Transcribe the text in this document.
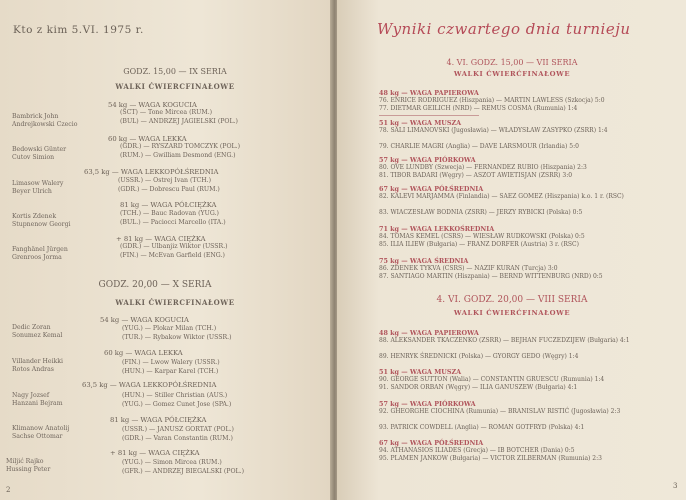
Kto z kim 5.VI. 1975 r.
GODZ. 15,00 — IX SERIA
WALKI ĆWIERCFINAŁOWE
54 kg — WAGA KOGUCIA
Bambrick John
Andrejkowski Czecio
(SCT) — Tone Mircea (RUM.)
(BUL) — ANDRZEJ JAGIELSKI (POL.)
60 kg — WAGA LEKKA
Bedowski Günter
Cutov Simion
(GDR.) — RYSZARD TOMCZYK (POL.)
(RUM.) — Gwilliam Desmond (ENG.)
63,5 kg — WAGA LEKKOPÓŁŚREDNIA
Limasow Walery
Beyer Ulrich
(USSR.) — Ostrej Ivan (TCH.)
(GDR.) — Dobrescu Paul (RUM.)
81 kg — WAGA PÓŁCIĘŻKA
Kortis Zdenek
Stupnenow Georgi
(TCH.) — Bauc Radovan (YUG.)
(BUL.) — Paciocci Marcello (ITA.)
+ 81 kg — WAGA CIĘŻKA
Fanghänel Jürgen
Grenroos Jorma
(GDR.) — Ulbanjiz Wiktor (USSR.)
(FIN.) — McEvan Garfield (ENG.)
GODZ. 20,00 — X SERIA
WALKI ĆWIERCFINAŁOWE
54 kg — WAGA KOGUCIA
Dedic Zoran
Sonumez Kemal
(YUG.) — Plokar Milan (TCH.)
(TUR.) — Rybakow Wiktor (USSR.)
60 kg — WAGA LEKKA
Villander Heikki
Rotos Andras
(FIN.) — Lwow Walery (USSR.)
(HUN.) — Karpar Karel (TCH.)
63,5 kg — WAGA LEKKOPÓŁŚREDNIA
Nagy Jozsef
Hanzani Bejram
(HUN.) — Stiller Christian (AUS.)
(YUG.) — Gomez Cunet Jose (SPA.)
81 kg — WAGA PÓŁCIĘŻKA
Klimanow Anatolij
Sachse Ottomar
(USSR.) — JANUSZ GORTAT (POL.)
(GDR.) — Varan Constantin (RUM.)
+ 81 kg — WAGA CIĘŻKA
Miljić Rajko
Hussing Peter
(YUG.) — Simon Mircea (RUM.)
(GFR.) — ANDRZEJ BIEGALSKI (POL.)
2
Wyniki czwartego dnia turnieju
4. VI. GODZ. 15,00 — VII SERIA
WALKI ĆWIERĆFINAŁOWE
48 kg — WAGA PAPIEROWA
76. ENRICE RODRIGUEZ (Hiszpania) — MARTIN LAWLESS (Szkocja) 5:0
77. DIETMAR GEILICH (NRD) — REMUS COSMA (Rumunia) 1:4
51 kg — WAGA MUSZA
78. SALI LIMANOVSKI (Jugosławia) — WŁADYSŁAW ZASYPKO (ZSRR) 1:4
79. CHARLIE MAGRI (Anglia) — DAVE LARSMOUR (Irlandia) 5:0
57 kg — WAGA PIÓRKOWA
80. OVE LUNDBY (Szwecja) — FERNANDEZ RUBIO (Hiszpania) 2:3
81. TIBOR BADARI (Węgry) — ASZOT AWIETISJAN (ZSRR) 3:0
67 kg — WAGA PÓŁŚREDNIA
82. KALEVI MARJAMMA (Finlandia) — SAEZ GOMEZ (Hiszpania) k.o. 1 r. (RSC)
83. WIACZESŁAW BODNIA (ZSRR) — JERZY RYBICKI (Polska) 0:5
71 kg — WAGA LEKKOŚREDNIA
84. TOMAS KEMEL (CSRS) — WIESŁAW RUDKOWSKI (Polska) 0:5
85. ILIA ILIEW (Bułgaria) — FRANZ DORFER (Austria) 3 r. (RSC)
75 kg — WAGA ŚREDNIA
86. ZDENEK TYKVA (CSRS) — NAZIF KURAN (Turcja) 3:0
87. SANTIAGO MARTIN (Hiszpania) — BERND WITTENBURG (NRD) 0:5
4. VI. GODZ. 20,00 — VIII SERIA
WALKI ĆWIERĆFINAŁOWE
48 kg — WAGA PAPIEROWA
88. ALEKSANDER TKACZENKO (ZSRR) — BEJHAN FUCZEDZIJEW (Bułgaria) 4:1
89. HENRYK ŚREDNICKI (Polska) — GYORGY GEDO (Węgry) 1:4
51 kg — WAGA MUSZA
90. GEORGE SUTTON (Walia) — CONSTANTIN GRUESCU (Rumunia) 1:4
91. SANDOR ORBAN (Węgry) — ILIA GANUSZEW (Bułgaria) 4:1
57 kg — WAGA PIÓRKOWA
92. GHEORGHE CIOCHINA (Rumunia) — BRANISLAV RISTIĆ (Jugosławia) 2:3
93. PATRICK COWDELL (Anglia) — ROMAN GOTFRYD (Polska) 4:1
67 kg — WAGA PÓŁŚREDNIA
94. ATHANASIOS ILIADES (Grecja) — IB BOTCHER (Dania) 0:5
95. PLAMEN JANKOW (Bułgaria) — VICTOR ZILBERMAN (Rumunia) 2:3
3
